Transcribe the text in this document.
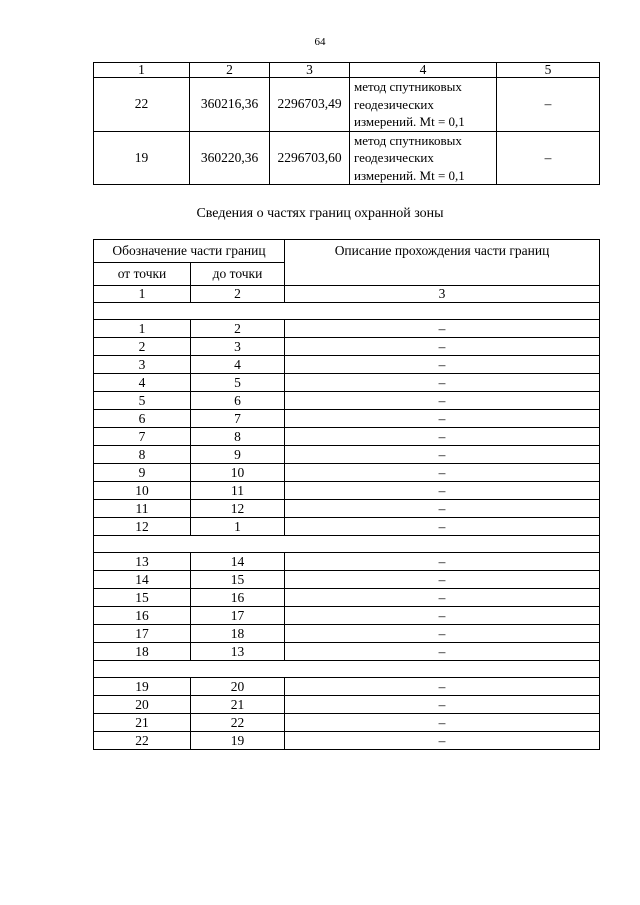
64
1	2	3	4	5
22	360216,36	2296703,49	метод спутниковых
геодезических
измерений. Mt = 0,1	–
19	360220,36	2296703,60	метод спутниковых
геодезических
измерений. Mt = 0,1	–
Сведения о частях границ охранной зоны
Обозначение части границ		Описание прохождения части границ
от точки	до точки	
1	2	3

1	2	–
2	3	–
3	4	–
4	5	–
5	6	–
6	7	–
7	8	–
8	9	–
9	10	–
10	11	–
11	12	–
12	1	–

13	14	–
14	15	–
15	16	–
16	17	–
17	18	–
18	13	–

19	20	–
20	21	–
21	22	–
22	19	–
